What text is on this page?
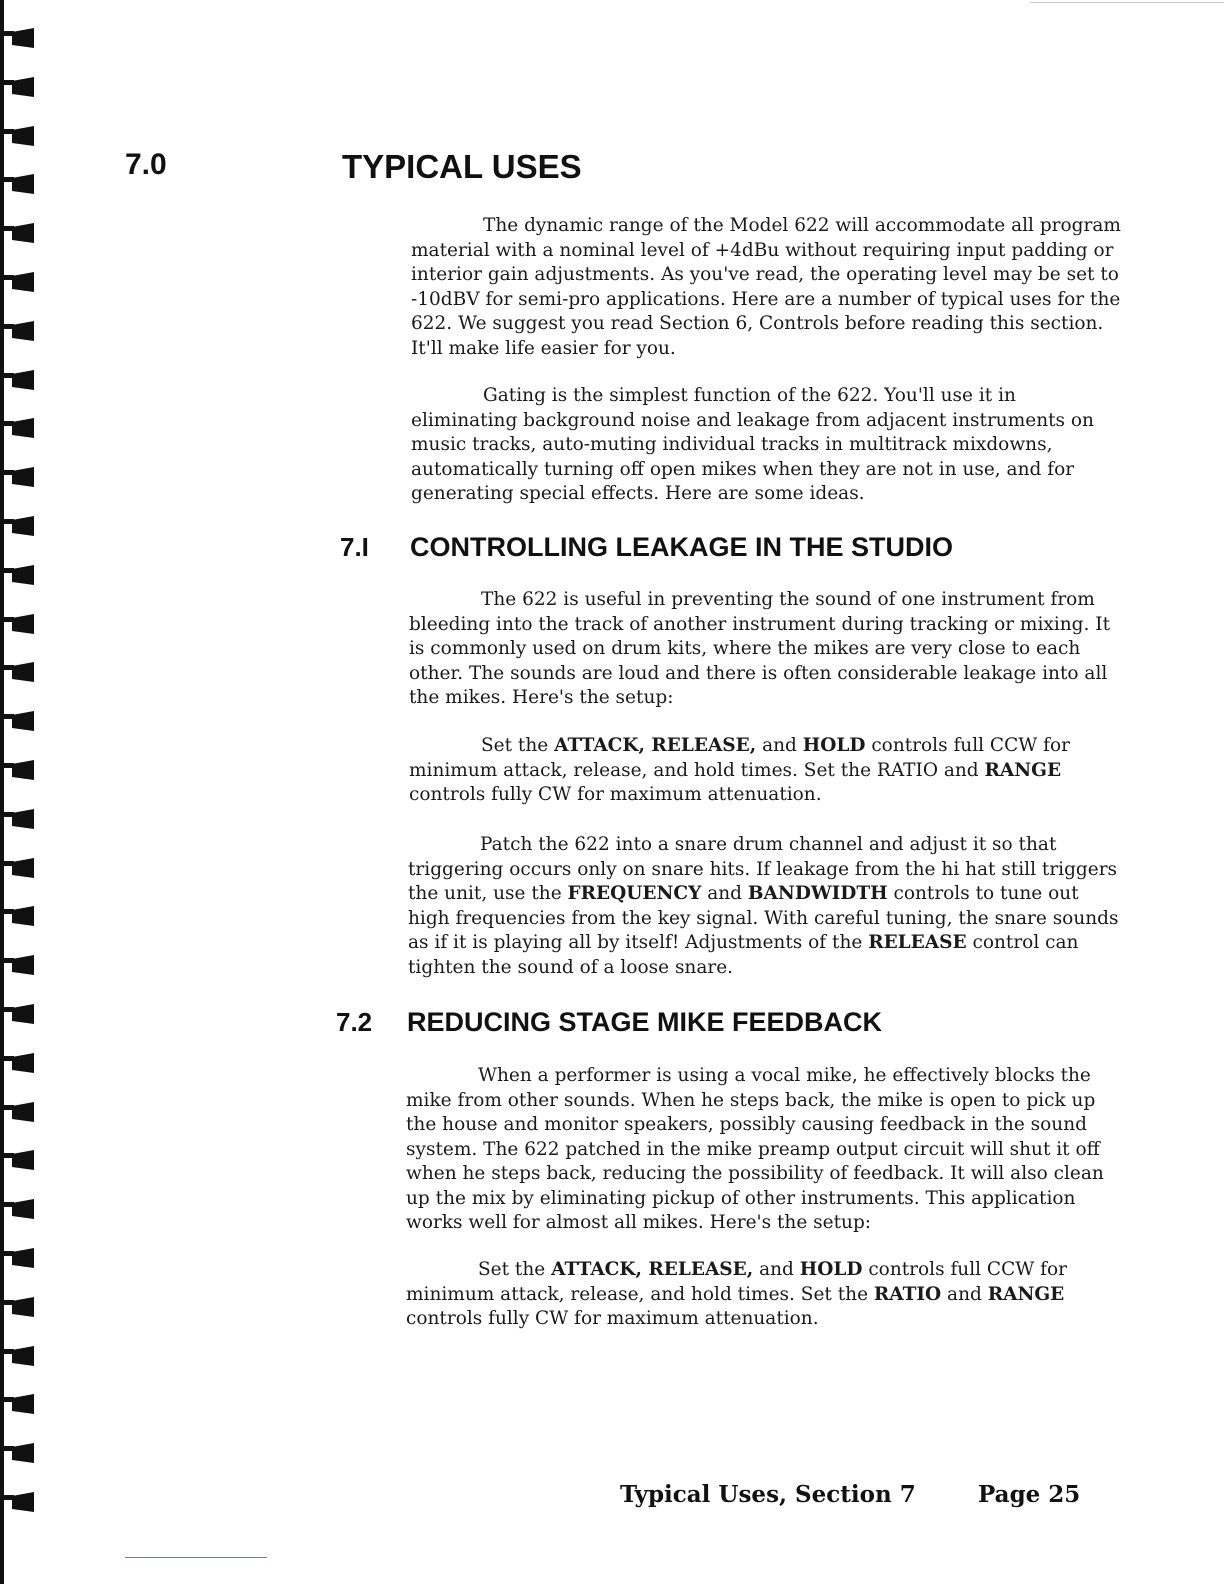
7.0	TYPICAL USES

The dynamic range of the Model 622 will accommodate all program material with a nominal level of +4dBu without requiring input padding or interior gain adjustments. As you've read, the operating level may be set to -10dBV for semi-pro applications. Here are a number of typical uses for the 622. We suggest you read Section 6, Controls before reading this section. It'll make life easier for you.

Gating is the simplest function of the 622. You'll use it in eliminating background noise and leakage from adjacent instruments on music tracks, auto-muting individual tracks in multitrack mixdowns, automatically turning off open mikes when they are not in use, and for generating special effects. Here are some ideas.

7.I CONTROLLING LEAKAGE IN THE STUDIO

The 622 is useful in preventing the sound of one instrument from bleeding into the track of another instrument during tracking or mixing. It is commonly used on drum kits, where the mikes are very close to each other. The sounds are loud and there is often considerable leakage into all the mikes. Here's the setup:

Set the ATTACK, RELEASE, and HOLD controls full CCW for minimum attack, release, and hold times. Set the RATIO and RANGE controls fully CW for maximum attenuation.

Patch the 622 into a snare drum channel and adjust it so that triggering occurs only on snare hits. If leakage from the hi hat still triggers the unit, use the FREQUENCY and BANDWIDTH controls to tune out high frequencies from the key signal. With careful tuning, the snare sounds as if it is playing all by itself! Adjustments of the RELEASE control can tighten the sound of a loose snare.

7.2 REDUCING STAGE MIKE FEEDBACK

When a performer is using a vocal mike, he effectively blocks the mike from other sounds. When he steps back, the mike is open to pick up the house and monitor speakers, possibly causing feedback in the sound system. The 622 patched in the mike preamp output circuit will shut it off when he steps back, reducing the possibility of feedback. It will also clean up the mix by eliminating pickup of other instruments. This application works well for almost all mikes. Here's the setup:

Set the ATTACK, RELEASE, and HOLD controls full CCW for minimum attack, release, and hold times. Set the RATIO and RANGE controls fully CW for maximum attenuation.

Typical Uses, Section 7	Page 25
